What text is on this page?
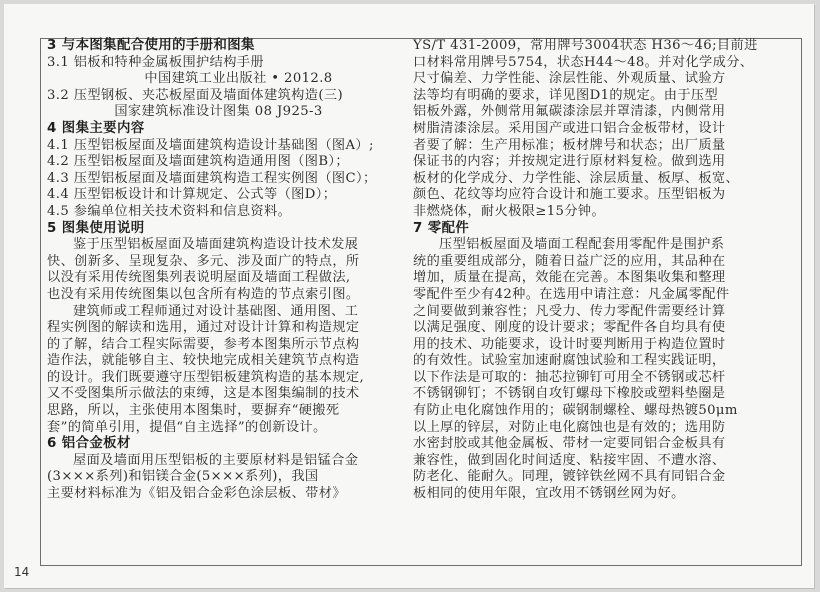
3 与本图集配合使用的手册和图集

3.1 铝板和特种金属板围护结构手册

中国建筑工业出版社 • 2012.8

3.2 压型钢板、夹芯板屋面及墙面体建筑构造(三)

国家建筑标准设计图集 08 J925-3

4 图集主要内容

4.1 压型铝板屋面及墙面建筑构造设计基础图（图A）;

4.2 压型铝板屋面及墙面建筑构造通用图（图B）；

4.3 压型铝板屋面及墙面建筑构造工程实例图（图C）；

4.4 压型铝板设计和计算规定、公式等（图D）；

4.5 参编单位相关技术资料和信息资料。

5 图集使用说明

鉴于压型铝板屋面及墙面建筑构造设计技术发展

快、创新多、呈现复杂、多元、涉及面广的特点，所

以没有采用传统图集列表说明屋面及墙面工程做法,

也没有采用传统图集以包含所有构造的节点索引图。

建筑师或工程师通过对设计基础图、通用图、工

程实例图的解读和选用，通过对设计计算和构造规定

的了解，结合工程实际需要，参考本图集所示节点构

造作法，就能够自主、较快地完成相关建筑节点构造

的设计。我们既要遵守压型铝板建筑构造的基本规定,

又不受图集所示做法的束缚，这是本图集编制的技术

思路，所以，主张使用本图集时，要摒弃“硬搬死

套”的简单引用，提倡“自主选择”的创新设计。

6 铝合金板材

屋面及墙面用压型铝板的主要原材料是铝锰合金

(3×××系列)和铝镁合金(5×××系列)，我国

主要材料标准为《铝及铝合金彩色涂层板、带材》

YS/T 431-2009，常用牌号3004状态 H36～46;目前进

口材料常用牌号5754，状态H44～48。并对化学成分、

尺寸偏差、力学性能、涂层性能、外观质量、试验方

法等均有明确的要求，详见图D1的规定。由于压型

铝板外露，外侧常用氟碳漆涂层并罩清漆，内侧常用

树脂清漆涂层。采用国产或进口铝合金板带材，设计

者要了解：生产用标准；板材牌号和状态；出厂质量

保证书的内容；并按规定进行原材料复检。做到选用

板材的化学成分、力学性能、涂层质量、板厚、板宽、

颜色、花纹等均应符合设计和施工要求。压型铝板为

非燃烧体，耐火极限≥15分钟。

7 零配件

压型铝板屋面及墙面工程配套用零配件是围护系

统的重要组成部分，随着日益广泛的应用，其品种在

增加，质量在提高，效能在完善。本图集收集和整理

零配件至少有42种。在选用中请注意：凡金属零配件

之间要做到兼容性；凡受力、传力零配件需要经计算

以满足强度、刚度的设计要求；零配件各自均具有使

用的技术、功能要求，设计时要判断用于构造位置时

的有效性。试验室加速耐腐蚀试验和工程实践证明，

以下作法是可取的：抽芯拉铆钉可用全不锈钢或芯杆

不锈钢铆钉；不锈钢自攻钉螺母下橡胶或塑料垫圈是

有防止电化腐蚀作用的；碳钢制螺栓、螺母热镀50μm

以上厚的锌层，对防止电化腐蚀也是有效的；选用防

水密封胶或其他金属板、带材一定要同铝合金板具有

兼容性，做到固化时间适度、粘接牢固、不遭水溶、

防老化、能耐久。同理，镀锌铁丝网不具有同铝合金

板相同的使用年限，宜改用不锈钢丝网为好。

14
